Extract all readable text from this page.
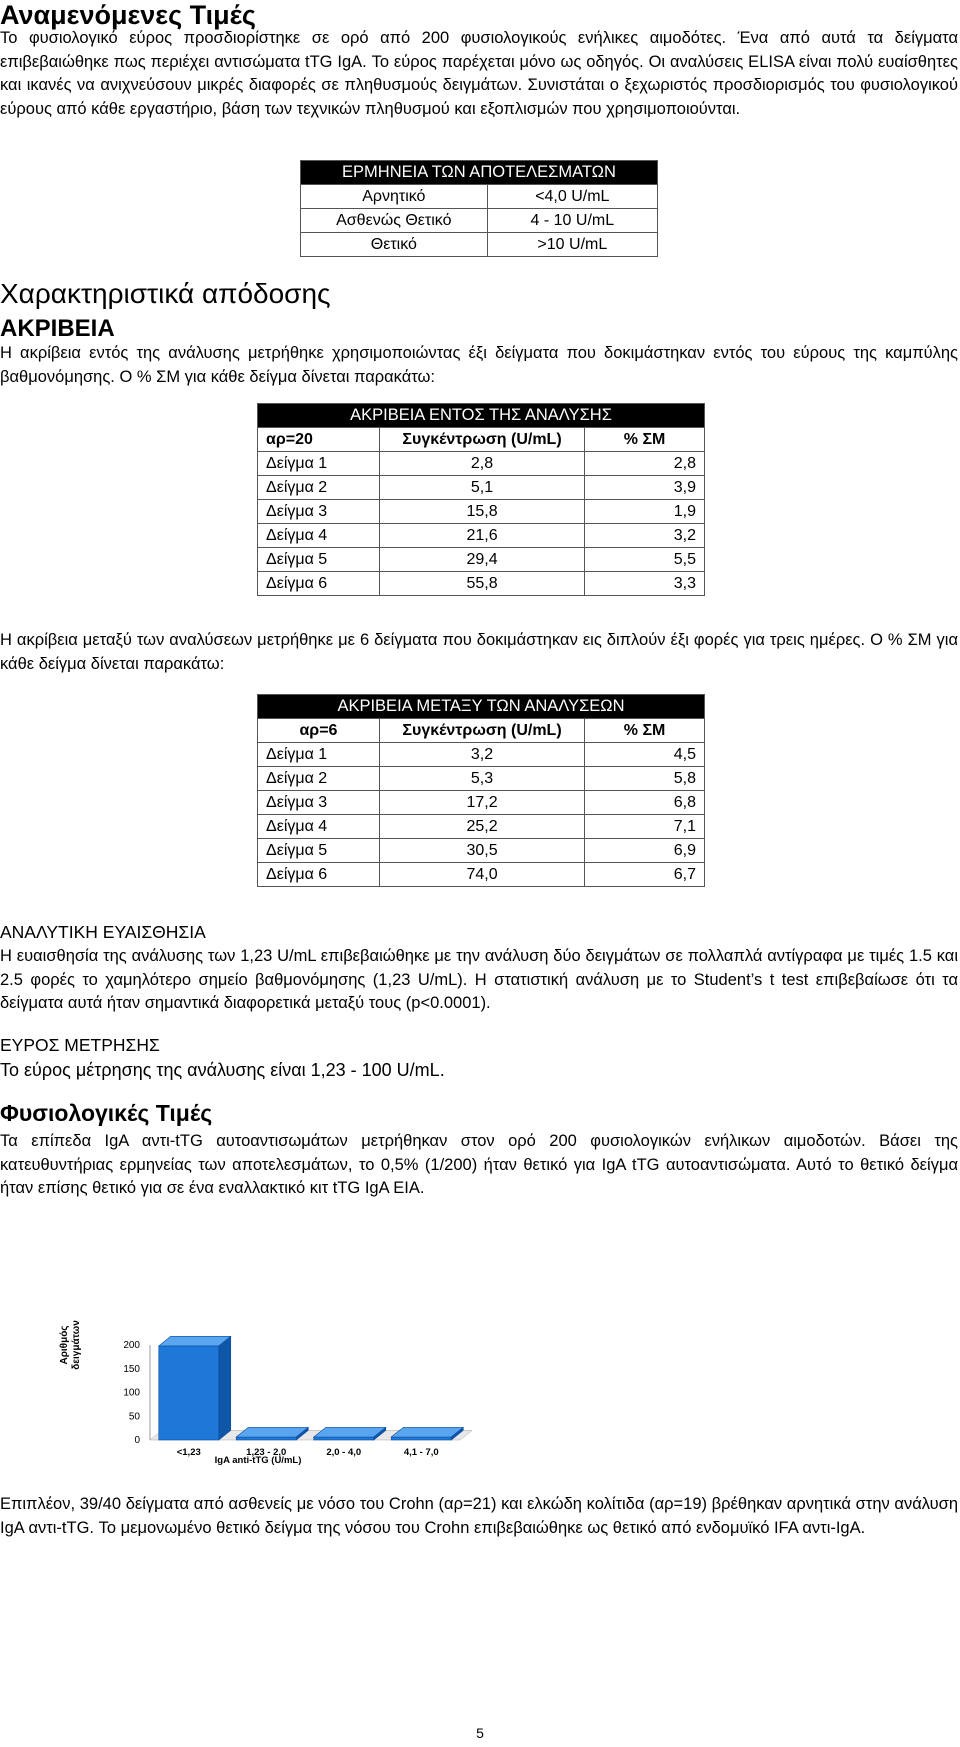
Αναμενόμενες Τιμές
Το φυσιολογικό εύρος προσδιορίστηκε σε ορό από 200 φυσιολογικούς ενήλικες αιμοδότες. Ένα από αυτά τα δείγματα επιβεβαιώθηκε πως περιέχει αντισώματα tTG IgA. Το εύρος παρέχεται μόνο ως οδηγός. Οι αναλύσεις ELISA είναι πολύ ευαίσθητες και ικανές να ανιχνεύσουν μικρές διαφορές σε πληθυσμούς δειγμάτων. Συνιστάται ο ξεχωριστός προσδιορισμός του φυσιολογικού εύρους από κάθε εργαστήριο, βάση των τεχνικών πληθυσμού και εξοπλισμών που χρησιμοποιούνται.
ΕΡΜΗΝΕΙΑ ΤΩΝ ΑΠΟΤΕΛΕΣΜΑΤΩΝ	
Αρνητικό	<4,0 U/mL
Ασθενώς Θετικό	4 - 10 U/mL
Θετικό	>10 U/mL
Χαρακτηριστικά απόδοσης
ΑΚΡΙΒΕΙΑ
Η ακρίβεια εντός της ανάλυσης μετρήθηκε χρησιμοποιώντας έξι δείγματα που δοκιμάστηκαν εντός του εύρους της καμπύλης βαθμονόμησης. Ο % ΣΜ για κάθε δείγμα δίνεται παρακάτω:
ΑΚΡΙΒΕΙΑ ΕΝΤΟΣ ΤΗΣ ΑΝΑΛΥΣΗΣ		
αρ=20	Συγκέντρωση (U/mL)	% ΣΜ
Δείγμα 1	2,8	2,8
Δείγμα 2	5,1	3,9
Δείγμα 3	15,8	1,9
Δείγμα 4	21,6	3,2
Δείγμα 5	29,4	5,5
Δείγμα 6	55,8	3,3
Η ακρίβεια μεταξύ των αναλύσεων μετρήθηκε με 6 δείγματα που δοκιμάστηκαν εις διπλούν έξι φορές για τρεις ημέρες. Ο % ΣΜ για κάθε δείγμα δίνεται παρακάτω:
ΑΚΡΙΒΕΙΑ ΜΕΤΑΞΥ ΤΩΝ ΑΝΑΛΥΣΕΩΝ		
αρ=6	Συγκέντρωση (U/mL)	% ΣΜ
Δείγμα 1	3,2	4,5
Δείγμα 2	5,3	5,8
Δείγμα 3	17,2	6,8
Δείγμα 4	25,2	7,1
Δείγμα 5	30,5	6,9
Δείγμα 6	74,0	6,7
ΑΝΑΛΥΤΙΚΗ ΕΥΑΙΣΘΗΣΙΑ
Η ευαισθησία της ανάλυσης των 1,23 U/mL επιβεβαιώθηκε με την ανάλυση δύο δειγμάτων σε πολλαπλά αντίγραφα με τιμές 1.5 και 2.5 φορές το χαμηλότερο σημείο βαθμονόμησης (1,23 U/mL). Η στατιστική ανάλυση με το Student’s t test επιβεβαίωσε ότι τα δείγματα αυτά ήταν σημαντικά διαφορετικά μεταξύ τους (p<0.0001).
ΕΥΡΟΣ ΜΕΤΡΗΣΗΣ
Το εύρος μέτρησης της ανάλυσης είναι 1,23 - 100 U/mL.
Φυσιολογικές Τιμές
Τα επίπεδα IgA αντι-tTG αυτοαντισωμάτων μετρήθηκαν στον ορό 200 φυσιολογικών ενήλικων αιμοδοτών. Βάσει της κατευθυντήριας ερμηνείας των αποτελεσμάτων, το 0,5% (1/200) ήταν θετικό για IgA tTG αυτοαντισώματα. Αυτό το θετικό δείγμα ήταν επίσης θετικό για σε ένα εναλλακτικό κιτ tTG IgA EIA.
Αριθμός δειγμάτων
0
50
100
150
200
<1,23	1,23 - 2,0	2,0 - 4,0	4,1 - 7,0
IgA anti-tTG (U/mL)
Επιπλέον, 39/40 δείγματα από ασθενείς με νόσο του Crohn (αρ=21) και ελκώδη κολίτιδα (αρ=19) βρέθηκαν αρνητικά στην ανάλυση IgA αντι-tTG. Το μεμονωμένο θετικό δείγμα της νόσου του Crohn επιβεβαιώθηκε ως θετικό από ενδομυϊκό IFA αντι-IgA.
5
